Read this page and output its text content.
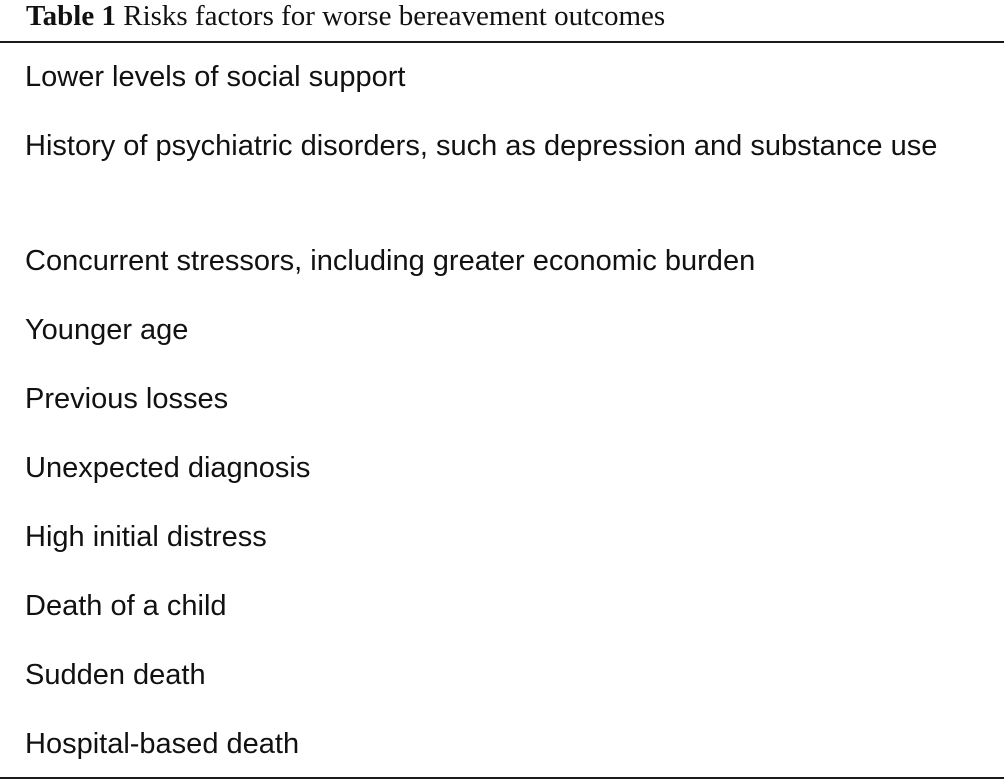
Table 1 Risks factors for worse bereavement outcomes
Lower levels of social support
History of psychiatric disorders, such as depression and substance use
Concurrent stressors, including greater economic burden
Younger age
Previous losses
Unexpected diagnosis
High initial distress
Death of a child
Sudden death
Hospital-based death
